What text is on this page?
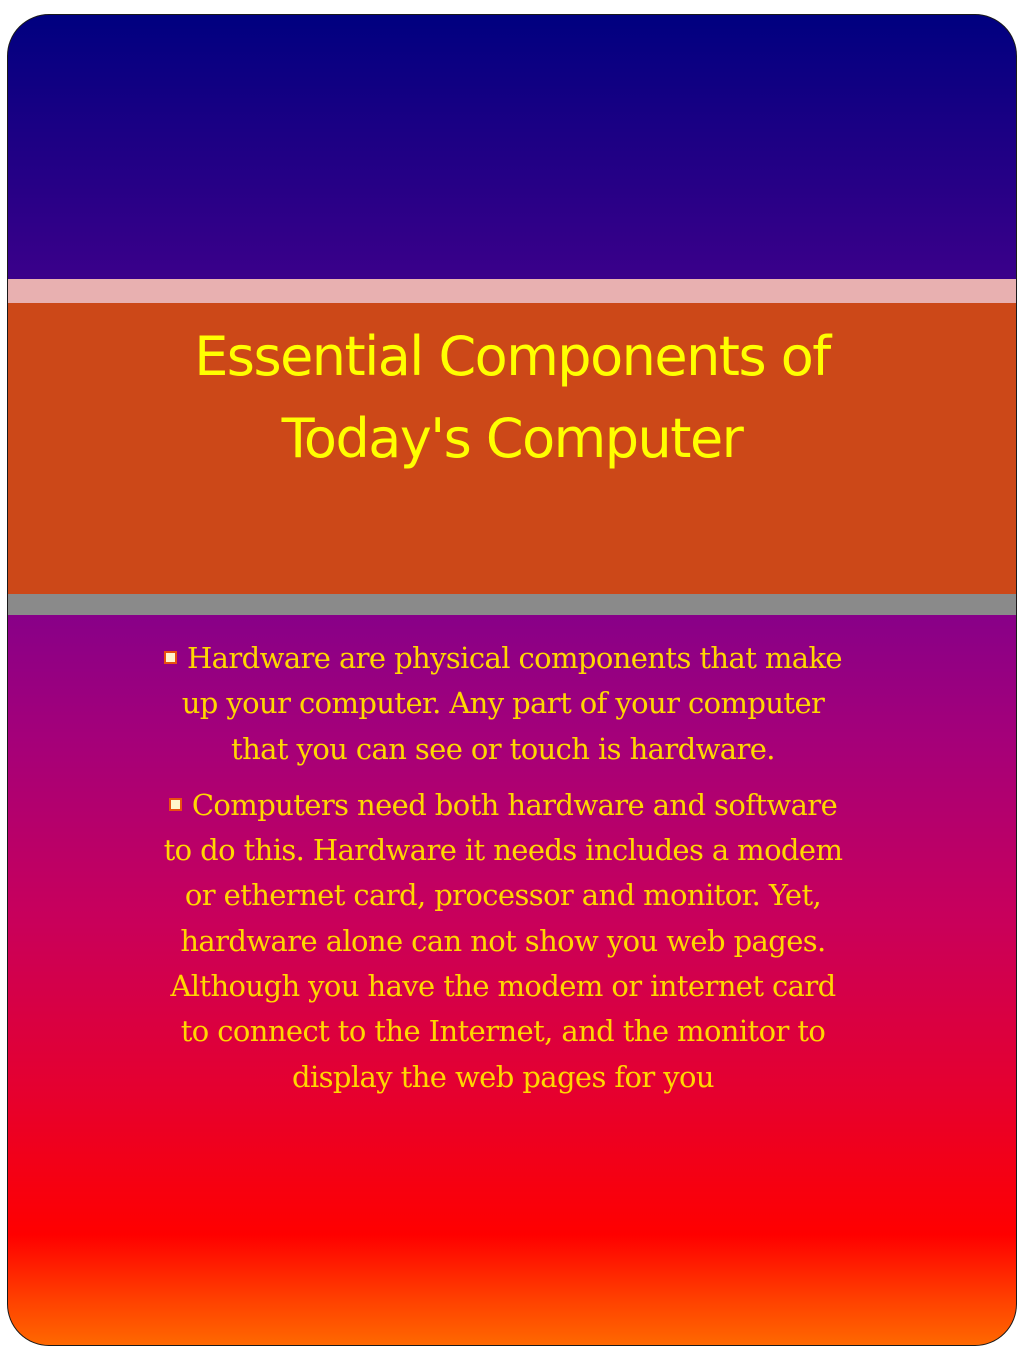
Essential Components of
Today's Computer

Hardware are physical components that make up your computer. Any part of your computer that you can see or touch is hardware.

Computers need both hardware and software to do this. Hardware it needs includes a modem or ethernet card, processor and monitor. Yet, hardware alone can not show you web pages. Although you have the modem or internet card to connect to the Internet, and the monitor to display the web pages for you
